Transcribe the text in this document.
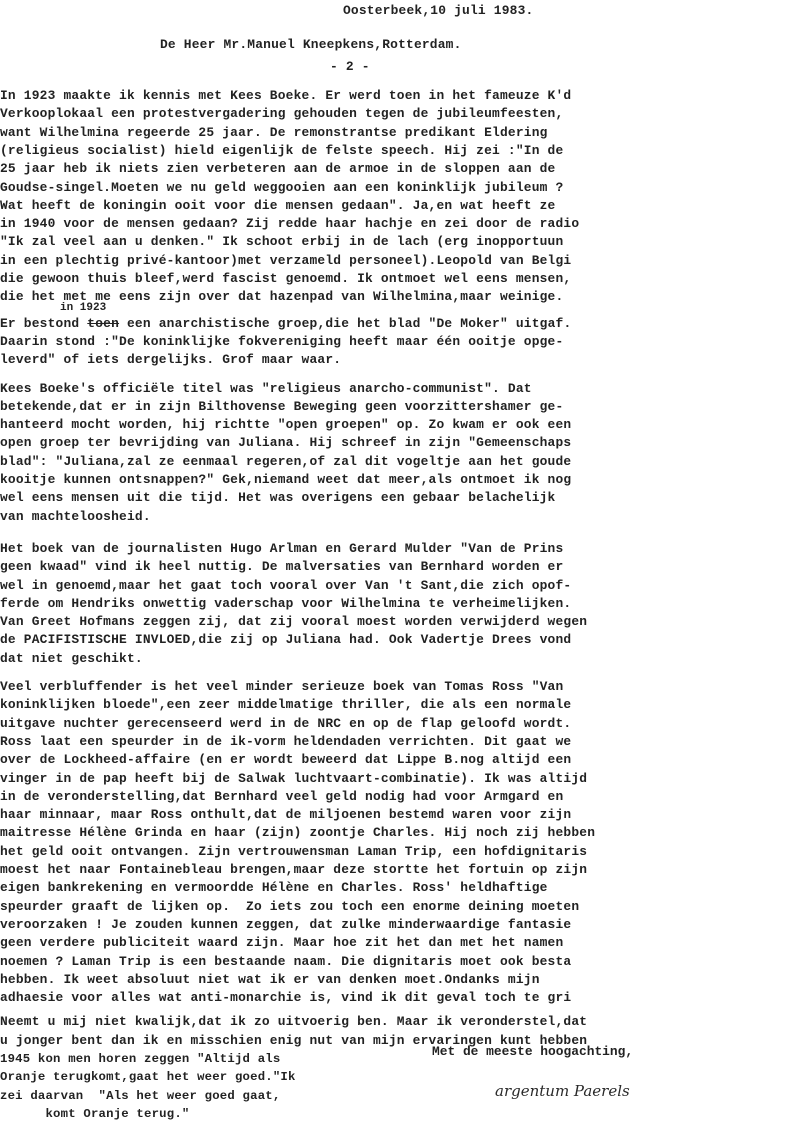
Oosterbeek,10 juli 1983.
De Heer Mr.Manuel Kneepkens,Rotterdam.
- 2 -
In 1923 maakte ik kennis met Kees Boeke. Er werd toen in het fameuze K'd
Verkooplokaal een protestvergadering gehouden tegen de jubileumfeesten,
want Wilhelmina regeerde 25 jaar. De remonstrantse predikant Eldering
(religieus socialist) hield eigenlijk de felste speech. Hij zei :"In de
25 jaar heb ik niets zien verbeteren aan de armoe in de sloppen aan de
Goudse-singel.Moeten we nu geld weggooien aan een koninklijk jubileum ?
Wat heeft de koningin ooit voor die mensen gedaan". Ja,en wat heeft ze
in 1940 voor de mensen gedaan? Zij redde haar hachje en zei door de radio
"Ik zal veel aan u denken." Ik schoot erbij in de lach (erg inopportuun
in een plechtig privé-kantoor)met verzameld personeel).Leopold van Belgi
die gewoon thuis bleef,werd fascist genoemd. Ik ontmoet wel eens mensen,
die het met me eens zijn over dat hazenpad van Wilhelmina,maar weinige.
Er bestond toen een anarchistische groep,die het blad "De Moker" uitgaf.
Daarin stond :"De koninklijke fokvereniging heeft maar één ooitje opge-
leverd" of iets dergelijks. Grof maar waar.
Kees Boeke's officiële titel was "religieus anarcho-communist". Dat
betekende,dat er in zijn Bilthovense Beweging geen voorzittershamer ge-
hanteerd mocht worden, hij richtte "open groepen" op. Zo kwam er ook een
open groep ter bevrijding van Juliana. Hij schreef in zijn "Gemeenschaps
blad": "Juliana,zal ze eenmaal regeren,of zal dit vogeltje aan het goude
kooitje kunnen ontsnappen?" Gek,niemand weet dat meer,als ontmoet ik nog
wel eens mensen uit die tijd. Het was overigens een gebaar belachelijk
van machteloosheid.
Het boek van de journalisten Hugo Arlman en Gerard Mulder "Van de Prins
geen kwaad" vind ik heel nuttig. De malversaties van Bernhard worden er
wel in genoemd,maar het gaat toch vooral over Van 't Sant,die zich opof-
ferde om Hendriks onwettig vaderschap voor Wilhelmina te verheimelijken.
Van Greet Hofmans zeggen zij, dat zij vooral moest worden verwijderd wegen
de PACIFISTISCHE INVLOED,die zij op Juliana had. Ook Vadertje Drees vond
dat niet geschikt.
Veel verbluffender is het veel minder serieuze boek van Tomas Ross "Van
koninklijken bloede",een zeer middelmatige thriller, die als een normale
uitgave nuchter gerecenseerd werd in de NRC en op de flap geloofd wordt.
Ross laat een speurder in de ik-vorm heldendaden verrichten. Dit gaat we
over de Lockheed-affaire (en er wordt beweerd dat Lippe B.nog altijd een
vinger in de pap heeft bij de Salwak luchtvaart-combinatie). Ik was altijd
in de veronderstelling,dat Bernhard veel geld nodig had voor Armgard en
haar minnaar, maar Ross onthult,dat de miljoenen bestemd waren voor zijn
maitresse Hélène Grinda en haar (zijn) zoontje Charles. Hij noch zij hebben
het geld ooit ontvangen. Zijn vertrouwensman Laman Trip, een hofdignitaris
moest het naar Fontainebleau brengen,maar deze stortte het fortuin op zijn
eigen bankrekening en vermoordde Hélène en Charles. Ross' heldhaftige
speurder graaft de lijken op.  Zo iets zou toch een enorme deining moeten
veroorzaken ! Je zouden kunnen zeggen, dat zulke minderwaardige fantasie
geen verdere publiciteit waard zijn. Maar hoe zit het dan met het namen
noemen ? Laman Trip is een bestaande naam. Die dignitaris moet ook besta
hebben. Ik weet absoluut niet wat ik er van denken moet.Ondanks mijn
adhaesie voor alles wat anti-monarchie is, vind ik dit geval toch te gri
Neemt u mij niet kwalijk,dat ik zo uitvoerig ben. Maar ik veronderstel,dat
u jonger bent dan ik en misschien enig nut van mijn ervaringen kunt hebben
1945 kon men horen zeggen "Altijd als
Oranje terugkomt,gaat het weer goed."Ik
zei daarvan  "Als het weer goed gaat,
komt Oranje terug."
in 1923
Met de meeste hoogachting,
argentum Paerels
